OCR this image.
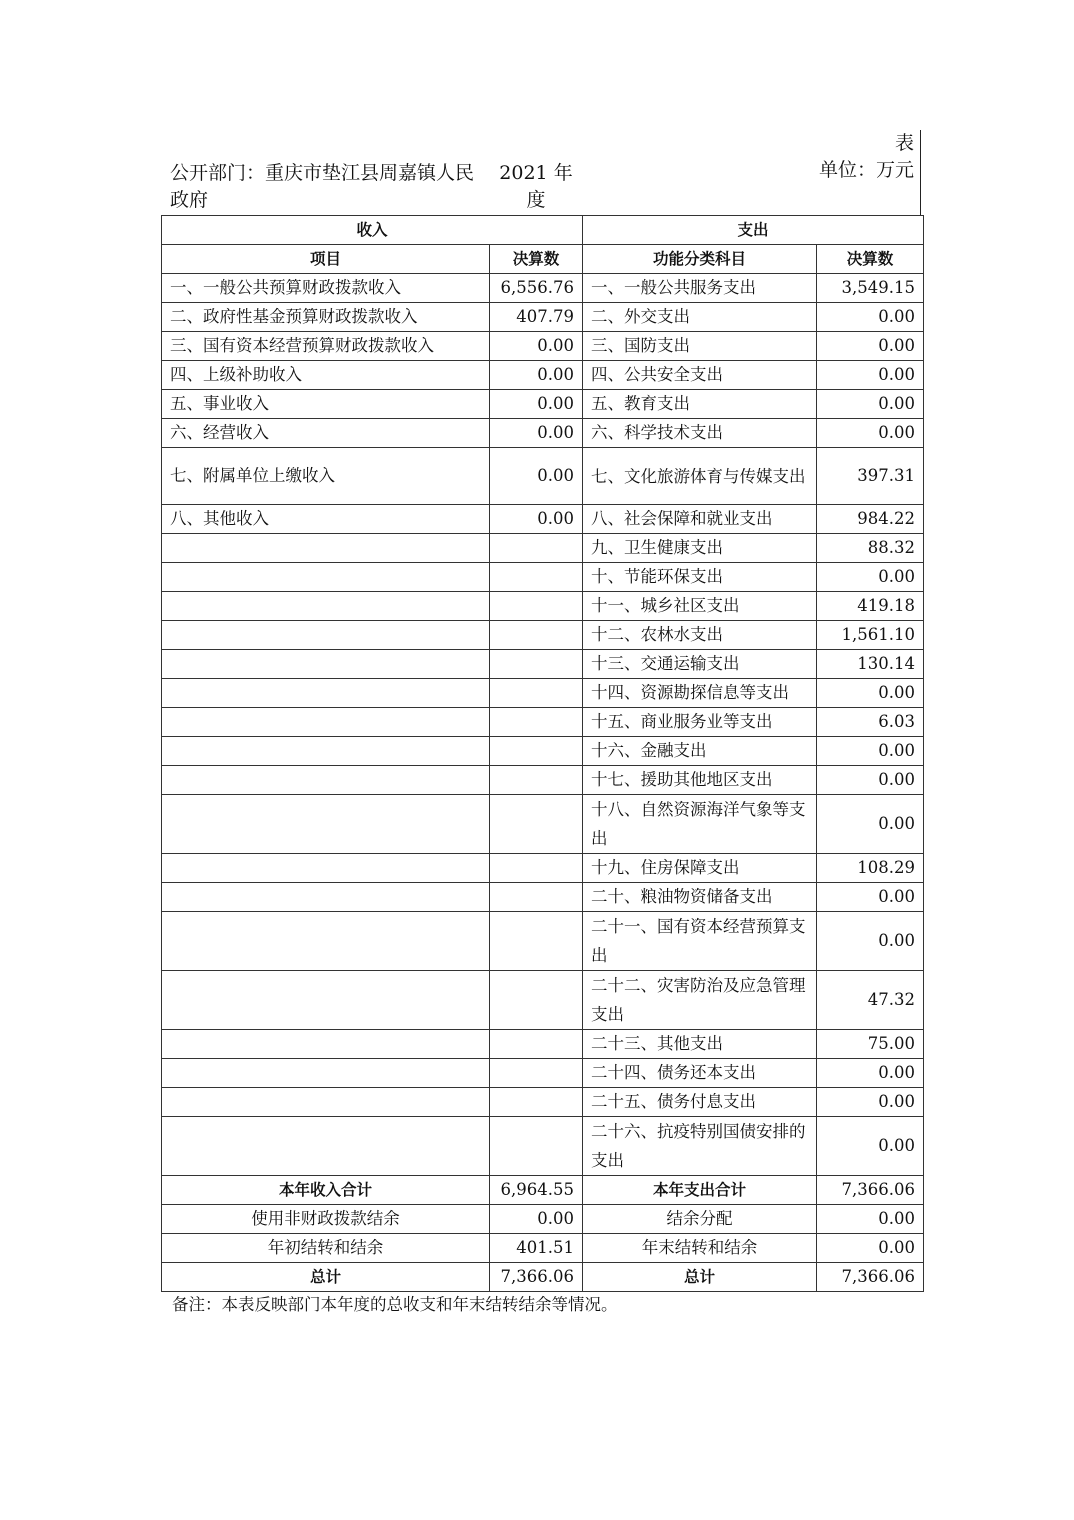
公开部门：重庆市垫江县周嘉镇人民政府
2021 年度
表
单位：万元
收入		支出	
项目	决算数	功能分类科目	决算数
一、一般公共预算财政拨款收入	6,556.76	一、一般公共服务支出	3,549.15
二、政府性基金预算财政拨款收入	407.79	二、外交支出	0.00
三、国有资本经营预算财政拨款收入	0.00	三、国防支出	0.00
四、上级补助收入	0.00	四、公共安全支出	0.00
五、事业收入	0.00	五、教育支出	0.00
六、经营收入	0.00	六、科学技术支出	0.00
七、附属单位上缴收入	0.00	七、文化旅游体育与传媒支出	397.31
八、其他收入	0.00	八、社会保障和就业支出	984.22
		九、卫生健康支出	88.32
		十、节能环保支出	0.00
		十一、城乡社区支出	419.18
		十二、农林水支出	1,561.10
		十三、交通运输支出	130.14
		十四、资源勘探信息等支出	0.00
		十五、商业服务业等支出	6.03
		十六、金融支出	0.00
		十七、援助其他地区支出	0.00
		十八、自然资源海洋气象等支出	0.00
		十九、住房保障支出	108.29
		二十、粮油物资储备支出	0.00
		二十一、国有资本经营预算支出	0.00
		二十二、灾害防治及应急管理支出	47.32
		二十三、其他支出	75.00
		二十四、债务还本支出	0.00
		二十五、债务付息支出	0.00
		二十六、抗疫特别国债安排的支出	0.00
本年收入合计	6,964.55	本年支出合计	7,366.06
使用非财政拨款结余	0.00	结余分配	0.00
年初结转和结余	401.51	年末结转和结余	0.00
总计	7,366.06	总计	7,366.06
备注：本表反映部门本年度的总收支和年末结转结余等情况。
